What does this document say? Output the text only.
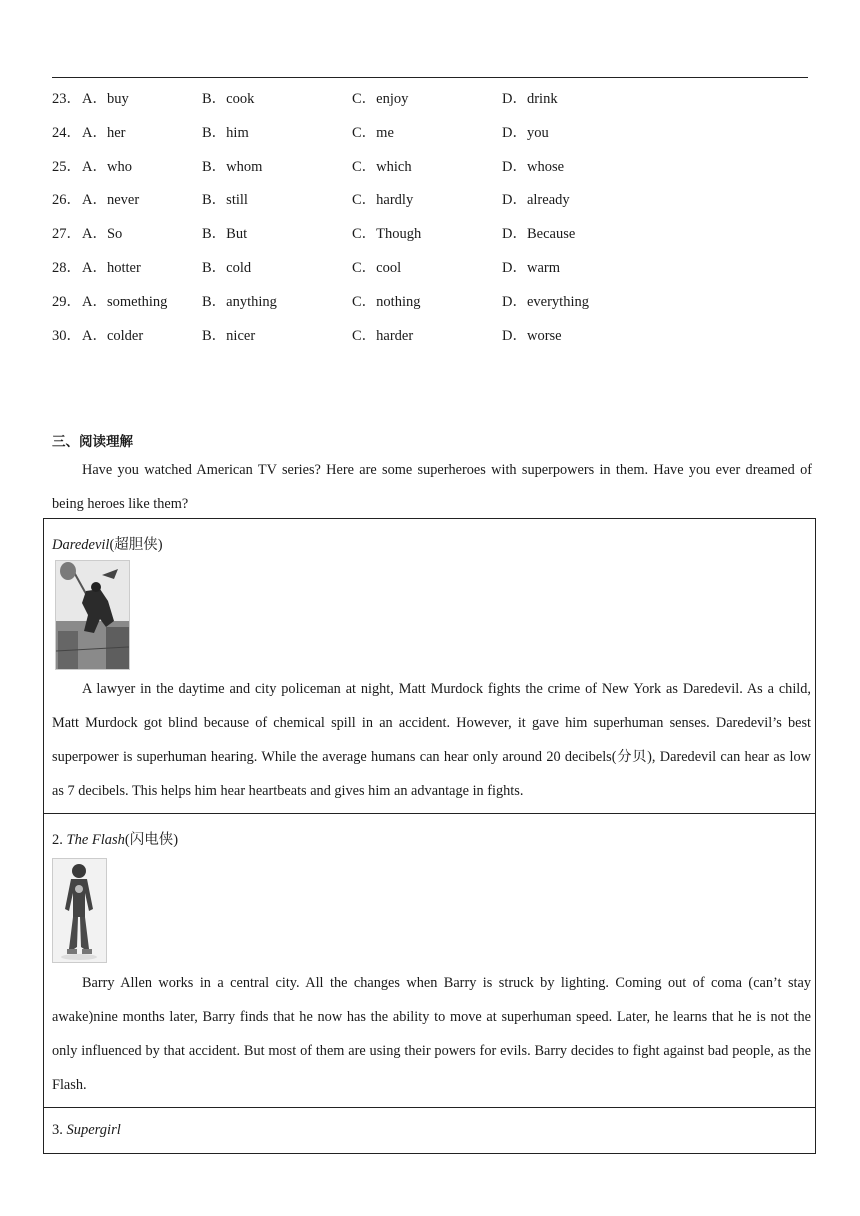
23． A．buy	B．cook	C．enjoy	D．drink
24． A．her	B．him	C．me	D．you
25． A．who	B．whom	C．which	D．whose
26． A．never	B．still	C．hardly	D．already
27． A．So	B．But	C．Though	D．Because
28． A．hotter	B．cold	C．cool	D．warm
29． A．something B．anything	C．nothing	D．everything
30． A．colder	B．nicer	C．harder	D．worse
三、阅读理解
Have you watched American TV series? Here are some superheroes with superpowers in them. Have you ever dreamed of being heroes like them?
Daredevil(超胆侠)
A lawyer in the daytime and city policeman at night, Matt Murdock fights the crime of New York as Daredevil. As a child, Matt Murdock got blind because of chemical spill in an accident. However, it gave him superhuman senses. Daredevil’s best superpower is superhuman hearing. While the average humans can hear only around 20 decibels(分贝), Daredevil can hear as low as 7 decibels. This helps him hear heartbeats and gives him an advantage in fights.
2. The Flash(闪电侠)
Barry Allen works in a central city. All the changes when Barry is struck by lighting. Coming out of coma (can’t stay awake)nine months later, Barry finds that he now has the ability to move at superhuman speed. Later, he learns that he is not the only influenced by that accident. But most of them are using their powers for evils. Barry decides to fight against bad people, as the Flash.
3. Supergirl
